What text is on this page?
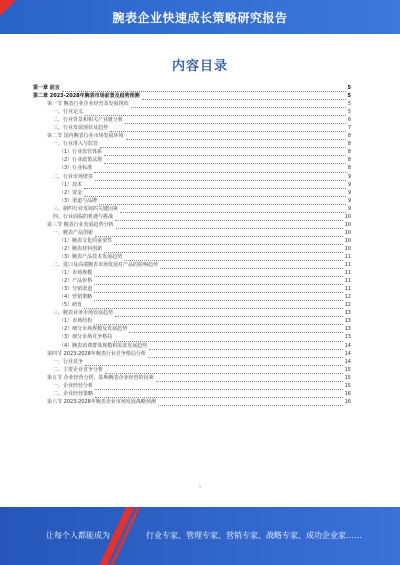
腕表企业快速成长策略研究报告
内容目录
第一章 前言	5
第二章 2023-2028年腕表市场前景及趋势预测	5
第一节 腕表行业企业经营及发展现状	5
一、行业定义	5
二、行业背景和相关产业链分析	6
三、行业发展现状及趋势	7
第二节 国内腕表行业市场发展环境	8
一、行业准入与监管	8
（1）行业监管体系	8
（2）行业政策法规	8
（3）行业标准	8
二、行业市场壁垒	9
（1）技术	9
（2）资金	9
（3）渠道与品牌	9
三、制约行业发展的关键因素	9
四、行业面临的机遇与挑战	10
第三节 腕表行业发展趋势分析	10
一、腕表产品创新	10
（1）腕表文化的重要性	10
（2）腕表材料创新	10
（3）腕表产品技术发展趋势	11
二、进口及高端腕表市场发展对产品的影响趋势	11
（1）市场规模	11
（2）产品价格	11
（3）分销渠道	11
（4）营销策略	12
（5）研发	12
三、腕表业务市场发展趋势	13
（1）市场结构	13
（2）细分市场规模及发展趋势	13
（3）细分市场竞争格局	13
（4）腕表消费群体规模和需求发展趋势	14
第四节 2023-2028年腕表行业竞争格局分析	14
一、行业竞争	14
二、主要企业竞争分析	15
第五节 企业经营分析、影响腕表企业经营的因素	15
一、企业经营分析	15
二、企业经营策略	16
第六节 2023-2028年腕表企业市场发展战略预测	16
1
让每个人都能成为	行业专家、管理专家、营销专家、战略专家、成功企业家……
